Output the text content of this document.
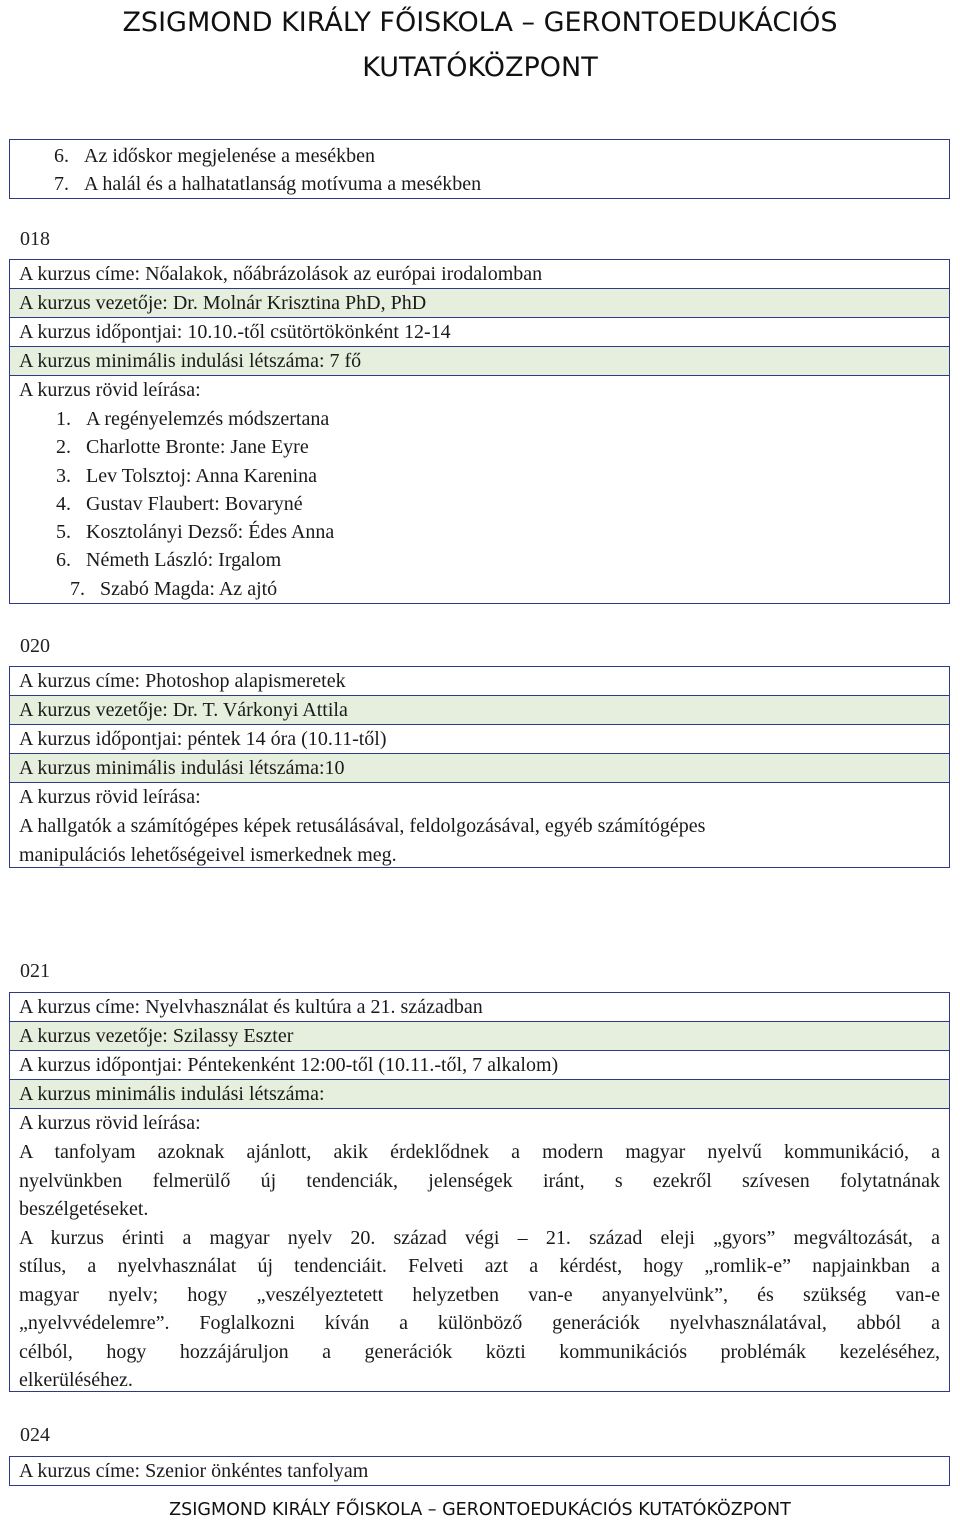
ZSIGMOND KIRÁLY FŐISKOLA – GERONTOEDUKÁCIÓS
KUTATÓKÖZPONT
6. Az időskor megjelenése a mesékben
7. A halál és a halhatatlanság motívuma a mesékben
018
A kurzus címe: Nőalakok, nőábrázolások az európai irodalomban
A kurzus vezetője: Dr. Molnár Krisztina PhD, PhD
A kurzus időpontjai: 10.10.-től csütörtökönként 12-14
A kurzus minimális indulási létszáma: 7 fő
A kurzus rövid leírása:
1. A regényelemzés módszertana
2. Charlotte Bronte: Jane Eyre
3. Lev Tolsztoj: Anna Karenina
4. Gustav Flaubert: Bovaryné
5. Kosztolányi Dezső: Édes Anna
6. Németh László: Irgalom
7. Szabó Magda: Az ajtó
020
A kurzus címe: Photoshop alapismeretek
A kurzus vezetője: Dr. T. Várkonyi Attila
A kurzus időpontjai: péntek 14 óra (10.11-től)
A kurzus minimális indulási létszáma:10
A kurzus rövid leírása:
A hallgatók a számítógépes képek retusálásával, feldolgozásával, egyéb számítógépes
manipulációs lehetőségeivel ismerkednek meg.
021
A kurzus címe: Nyelvhasználat és kultúra a 21. században
A kurzus vezetője: Szilassy Eszter
A kurzus időpontjai: Péntekenként 12:00-től (10.11.-től, 7 alkalom)
A kurzus minimális indulási létszáma:
A kurzus rövid leírása:
A tanfolyam azoknak ajánlott, akik érdeklődnek a modern magyar nyelvű kommunikáció, a
nyelvünkben felmerülő új tendenciák, jelenségek iránt, s ezekről szívesen folytatnának
beszélgetéseket.
A kurzus érinti a magyar nyelv 20. század végi – 21. század eleji „gyors” megváltozását, a
stílus, a nyelvhasználat új tendenciáit. Felveti azt a kérdést, hogy „romlik-e” napjainkban a
magyar nyelv; hogy „veszélyeztetett helyzetben van-e anyanyelvünk”, és szükség van-e
„nyelvvédelemre”. Foglalkozni kíván a különböző generációk nyelvhasználatával, abból a
célból, hogy hozzájáruljon a generációk közti kommunikációs problémák kezeléséhez,
elkerüléséhez.
024
A kurzus címe: Szenior önkéntes tanfolyam
ZSIGMOND KIRÁLY FŐISKOLA – GERONTOEDUKÁCIÓS KUTATÓKÖZPONT
